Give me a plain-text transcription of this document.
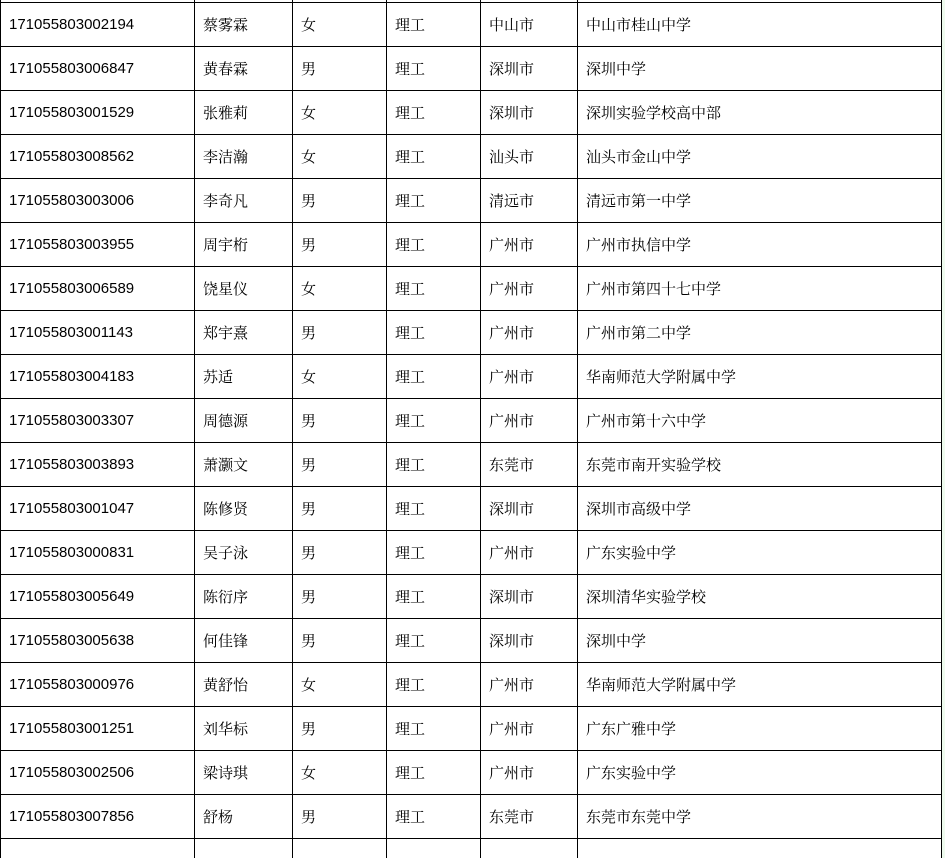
171055803002194	蔡雾霖	女	理工	中山市	中山市桂山中学
171055803006847	黄春霖	男	理工	深圳市	深圳中学
171055803001529	张雅莉	女	理工	深圳市	深圳实验学校高中部
171055803008562	李洁瀚	女	理工	汕头市	汕头市金山中学
171055803003006	李奇凡	男	理工	清远市	清远市第一中学
171055803003955	周宇桁	男	理工	广州市	广州市执信中学
171055803006589	饶星仪	女	理工	广州市	广州市第四十七中学
171055803001143	郑宇熹	男	理工	广州市	广州市第二中学
171055803004183	苏适	女	理工	广州市	华南师范大学附属中学
171055803003307	周德源	男	理工	广州市	广州市第十六中学
171055803003893	萧灏文	男	理工	东莞市	东莞市南开实验学校
171055803001047	陈修贤	男	理工	深圳市	深圳市高级中学
171055803000831	吴子泳	男	理工	广州市	广东实验中学
171055803005649	陈衍序	男	理工	深圳市	深圳清华实验学校
171055803005638	何佳锋	男	理工	深圳市	深圳中学
171055803000976	黄舒怡	女	理工	广州市	华南师范大学附属中学
171055803001251	刘华标	男	理工	广州市	广东广雅中学
171055803002506	梁诗琪	女	理工	广州市	广东实验中学
171055803007856	舒杨	男	理工	东莞市	东莞市东莞中学
